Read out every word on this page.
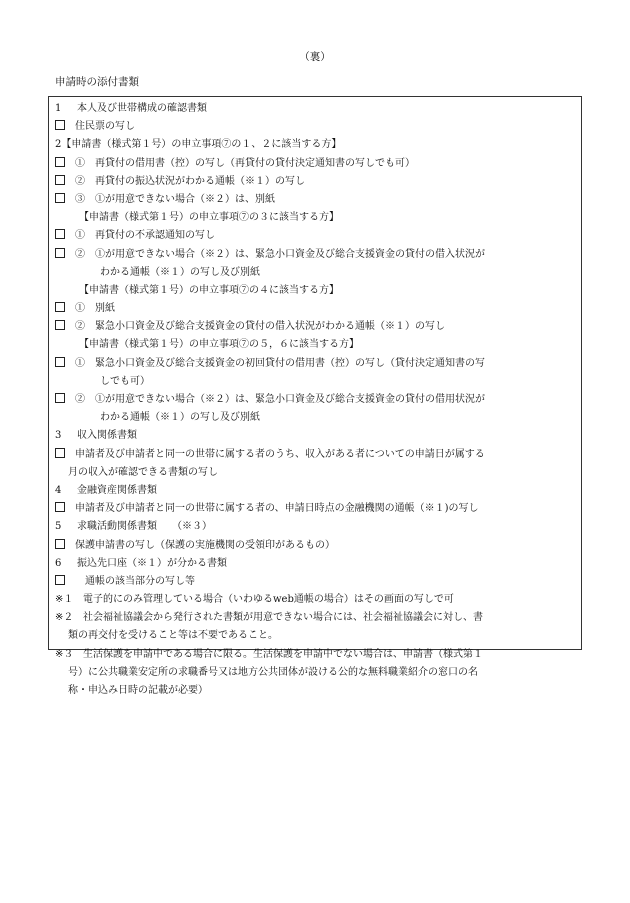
（裏）
申請時の添付書類
1 本人及び世帯構成の確認書類
住民票の写し
2【申請書（様式第１号）の申立事項⑦の１、２に該当する方】
①　再貸付の借用書（控）の写し（再貸付の貸付決定通知書の写しでも可）
②　再貸付の振込状況がわかる通帳（※１）の写し
③　①が用意できない場合（※２）は、別紙
【申請書（様式第１号）の申立事項⑦の３に該当する方】
①　再貸付の不承認通知の写し
②　①が用意できない場合（※２）は、緊急小口資金及び総合支援資金の貸付の借入状況が
わかる通帳（※１）の写し及び別紙
【申請書（様式第１号）の申立事項⑦の４に該当する方】
①　別紙
②　緊急小口資金及び総合支援資金の貸付の借入状況がわかる通帳（※１）の写し
【申請書（様式第１号）の申立事項⑦の５，６に該当する方】
①　緊急小口資金及び総合支援資金の初回貸付の借用書（控）の写し（貸付決定通知書の写
しでも可）
②　①が用意できない場合（※２）は、緊急小口資金及び総合支援資金の貸付の借用状況が
わかる通帳（※１）の写し及び別紙
3 収入関係書類
申請者及び申請者と同一の世帯に属する者のうち、収入がある者についての申請日が属する
月の収入が確認できる書類の写し
4 金融資産関係書類
申請者及び申請者と同一の世帯に属する者の、申請日時点の金融機関の通帳（※１)の写し
5 求職活動関係書類　　（※３）
保護申請書の写し（保護の実施機関の受領印があるもの）
6 振込先口座（※１）が分かる書類
　通帳の該当部分の写し等
※１ 電子的にのみ管理している場合（いわゆるweb通帳の場合）はその画面の写しで可
※２ 社会福祉協議会から発行された書類が用意できない場合には、社会福祉協議会に対し、書
類の再交付を受けること等は不要であること。
※３ 生活保護を申請中である場合に限る。生活保護を申請中でない場合は、申請書（様式第１
号）に公共職業安定所の求職番号又は地方公共団体が設ける公的な無料職業紹介の窓口の名
称・申込み日時の記載が必要）
